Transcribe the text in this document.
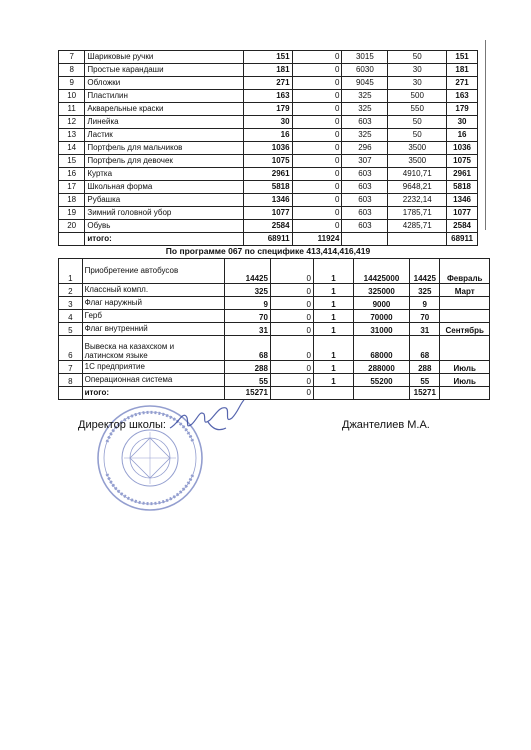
7	Шариковые ручки	151	0	3015	50	151
8	Простые карандаши	181	0	6030	30	181
9	Обложки	271	0	9045	30	271
10	Пластилин	163	0	325	500	163
11	Акварельные краски	179	0	325	550	179
12	Линейка	30	0	603	50	30
13	Ластик	16	0	325	50	16
14	Портфель для мальчиков	1036	0	296	3500	1036
15	Портфель для девочек	1075	0	307	3500	1075
16	Куртка	2961	0	603	4910,71	2961
17	Школьная форма	5818	0	603	9648,21	5818
18	Рубашка	1346	0	603	2232,14	1346
19	Зимний головной убор	1077	0	603	1785,71	1077
20	Обувь	2584	0	603	4285,71	2584
	итого:	68911	11924			68911
По программе 067 по специфике 413,414,416,419
1	Приобретение автобусов	14425	0	1	14425000	14425	Февраль
2	Классный компл.	325	0	1	325000	325	Март
3	Флаг наружный	9	0	1	9000	9	
4	Герб	70	0	1	70000	70	
5	Флаг внутренний	31	0	1	31000	31	Сентябрь
6	Вывеска на казахском и
латинском языке	68	0	1	68000	68	
7	1С предприятие	288	0	1	288000	288	Июль
8	Операционная система	55	0	1	55200	55	Июль
	итого:	15271	0			15271	
Директор школы:	Джантелиев М.А.
